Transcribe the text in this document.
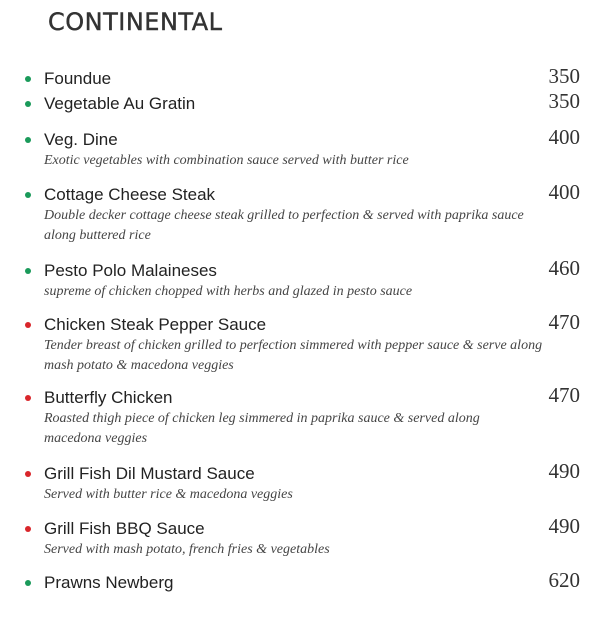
CONTINENTAL
Foundue	350
Vegetable Au Gratin	350
Veg. Dine	400
Exotic vegetables with combination sauce served with butter rice
Cottage Cheese Steak	400
Double decker cottage cheese steak grilled to perfection & served with paprika sauce along buttered rice
Pesto Polo Malaineses	460
supreme of chicken chopped with herbs and glazed in pesto sauce
Chicken Steak Pepper Sauce	470
Tender breast of chicken grilled to perfection simmered with pepper sauce & serve along mash potato & macedona veggies
Butterfly Chicken	470
Roasted thigh piece of chicken leg simmered in paprika sauce & served along macedona veggies
Grill Fish Dil Mustard Sauce	490
Served with butter rice & macedona veggies
Grill Fish BBQ Sauce	490
Served with mash potato, french fries & vegetables
Prawns Newberg	620
